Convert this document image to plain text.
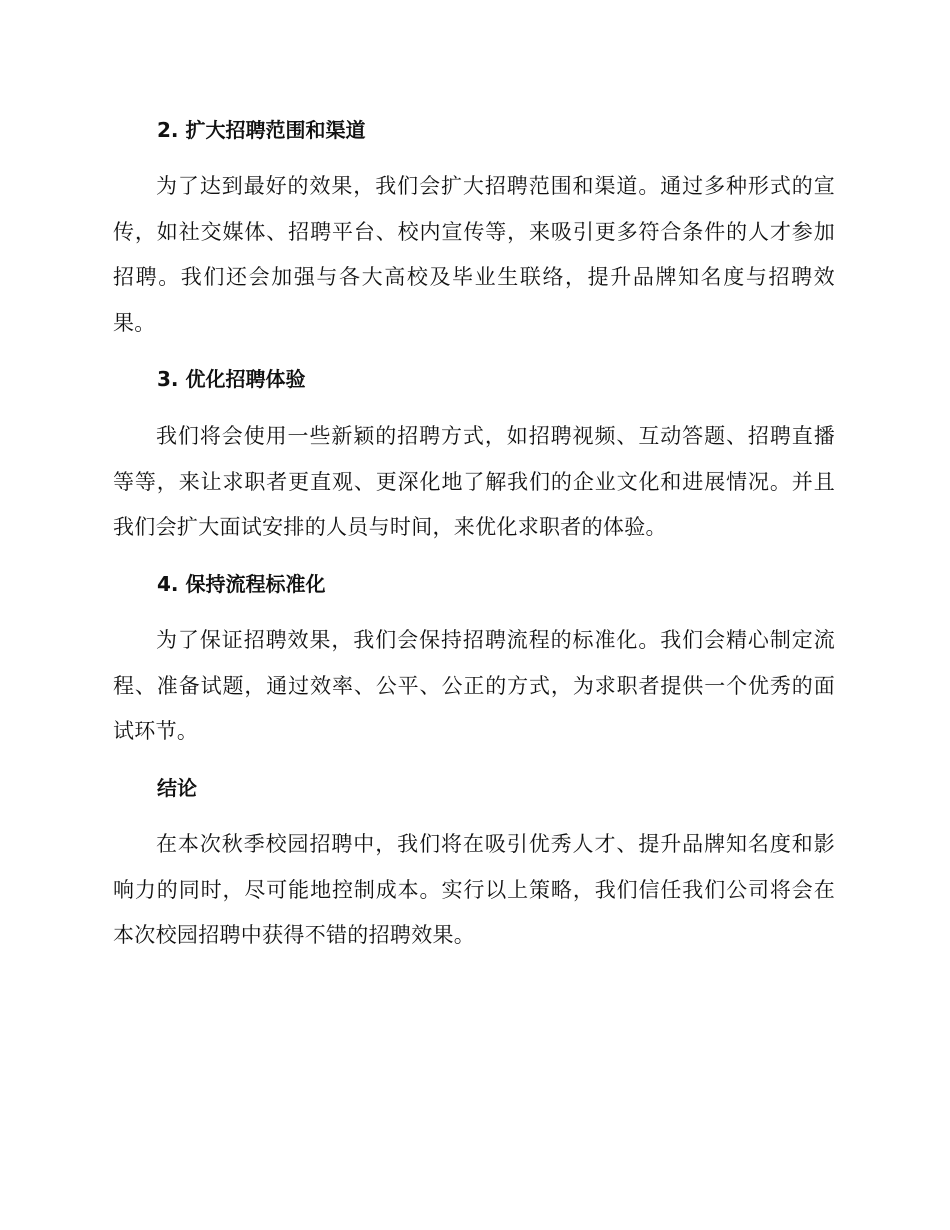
2. 扩大招聘范围和渠道
为了达到最好的效果，我们会扩大招聘范围和渠道。通过多种形式的宣传，如社交媒体、招聘平台、校内宣传等，来吸引更多符合条件的人才参加招聘。我们还会加强与各大高校及毕业生联络，提升品牌知名度与招聘效果。
3. 优化招聘体验
我们将会使用一些新颖的招聘方式，如招聘视频、互动答题、招聘直播等等，来让求职者更直观、更深化地了解我们的企业文化和进展情况。并且我们会扩大面试安排的人员与时间，来优化求职者的体验。
4. 保持流程标准化
为了保证招聘效果，我们会保持招聘流程的标准化。我们会精心制定流程、准备试题，通过效率、公平、公正的方式，为求职者提供一个优秀的面试环节。
结论
在本次秋季校园招聘中，我们将在吸引优秀人才、提升品牌知名度和影响力的同时，尽可能地控制成本。实行以上策略，我们信任我们公司将会在本次校园招聘中获得不错的招聘效果。
